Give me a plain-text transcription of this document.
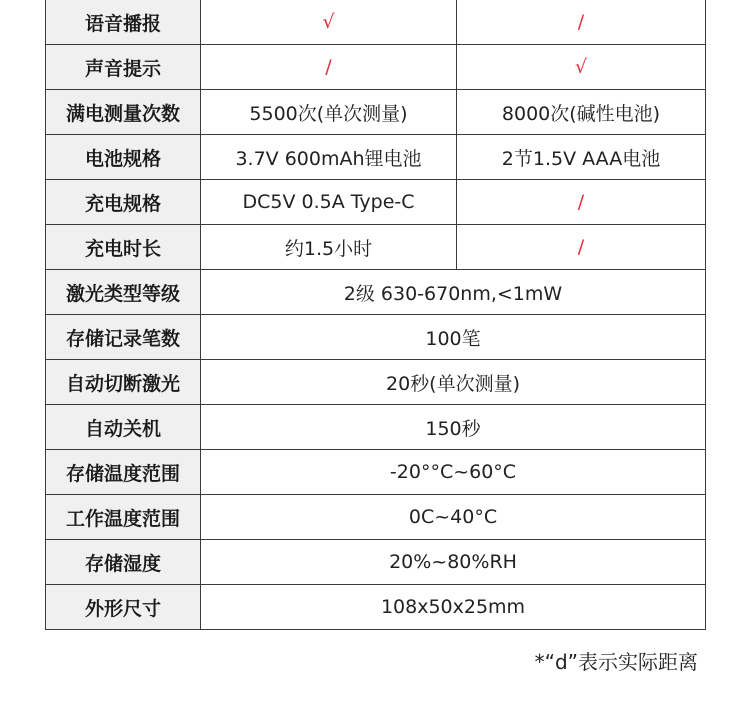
语音播报	√	/
声音提示	/	√
满电测量次数	5500次(单次测量)	8000次(碱性电池)
电池规格	3.7V 600mAh锂电池	2节1.5V AAA电池
充电规格	DC5V 0.5A Type-C	/
充电时长	约1.5小时	/
激光类型等级	2级 630-670nm,<1mW	
存储记录笔数	100笔	
自动切断激光	20秒(单次测量)	
自动关机	150秒	
存储温度范围	-20°°C~60°C	
工作温度范围	0C~40°C	
存储湿度	20%~80%RH	
外形尺寸	108x50x25mm	
*“d”表示实际距离
